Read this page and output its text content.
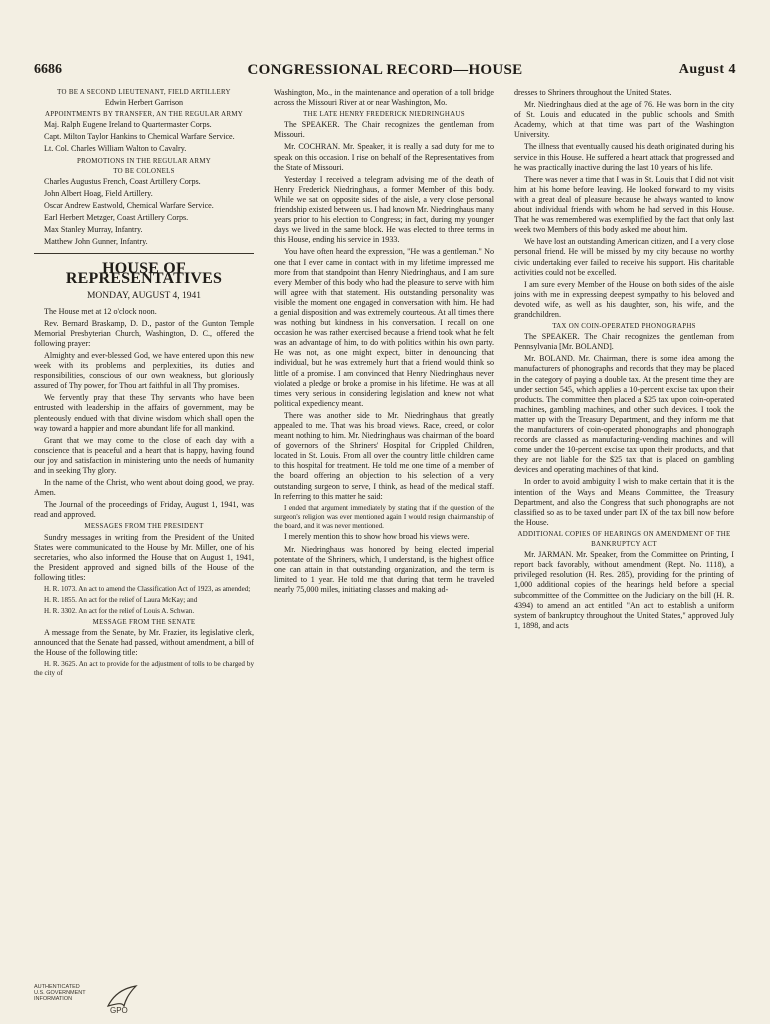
6686	CONGRESSIONAL RECORD—HOUSE	August 4
TO BE A SECOND LIEUTENANT, FIELD ARTILLERY

Edwin Herbert Garrison

APPOINTMENTS BY TRANSFER, AN THE REGULAR ARMY

Maj. Ralph Eugene Ireland to Quartermaster Corps.

Capt. Milton Taylor Hankins to Chemical Warfare Service.

Lt. Col. Charles William Walton to Cavalry.

PROMOTIONS IN THE REGULAR ARMY
TO BE COLONELS

Charles Augustus French, Coast Artillery Corps.

John Albert Hoag, Field Artillery.

Oscar Andrew Eastwold, Chemical Warfare Service.

Earl Herbert Metzger, Coast Artillery Corps.

Max Stanley Murray, Infantry.

Matthew John Gunner, Infantry.

HOUSE OF REPRESENTATIVES
MONDAY, AUGUST 4, 1941

The House met at 12 o'clock noon.

Rev. Bernard Braskamp, D. D., pastor of the Gunton Temple Memorial Presbyterian Church, Washington, D. C., offered the following prayer:

Almighty and ever-blessed God, we have entered upon this new week with its problems and perplexities, its duties and responsibilities, conscious of our own weakness, but gloriously assured of Thy power, for Thou art faithful in all Thy promises.

We fervently pray that these Thy servants who have been entrusted with leadership in the affairs of government, may be plenteously endued with that divine wisdom which shall open the way toward a happier and more abundant life for all mankind.

Grant that we may come to the close of each day with a conscience that is peaceful and a heart that is happy, having found our joy and satisfaction in ministering unto the needs of humanity and in seeking Thy glory.

In the name of the Christ, who went about doing good, we pray. Amen.

The Journal of the proceedings of Friday, August 1, 1941, was read and approved.

MESSAGES FROM THE PRESIDENT

Sundry messages in writing from the President of the United States were communicated to the House by Mr. Miller, one of his secretaries, who also informed the House that on August 1, 1941, the President approved and signed bills of the House of the following titles:

H. R. 1073. An act to amend the Classification Act of 1923, as amended;

H. R. 1855. An act for the relief of Laura McKay; and

H. R. 3302. An act for the relief of Louis A. Schwan.

MESSAGE FROM THE SENATE

A message from the Senate, by Mr. Frazier, its legislative clerk, announced that the Senate had passed, without amendment, a bill of the House of the following title:

H. R. 3625. An act to provide for the adjustment of tolls to be charged by the city of

Washington, Mo., in the maintenance and operation of a toll bridge across the Missouri River at or near Washington, Mo.

THE LATE HENRY FREDERICK NIEDRINGHAUS

The SPEAKER. The Chair recognizes the gentleman from Missouri.

Mr. COCHRAN. Mr. Speaker, it is really a sad duty for me to speak on this occasion. I rise on behalf of the Representatives from the State of Missouri.

Yesterday I received a telegram advising me of the death of Henry Frederick Niedringhaus, a former Member of this body. While we sat on opposite sides of the aisle, a very close personal friendship existed between us. I had known Mr. Niedringhaus many years prior to his election to Congress; in fact, during my younger days we lived in the same block. He was elected to three terms in this House, ending his service in 1933.

You have often heard the expression, "He was a gentleman." No one that I ever came in contact with in my lifetime impressed me more from that standpoint than Henry Niedringhaus, and I am sure every Member of this body who had the pleasure to serve with him will agree with that statement. His outstanding personality was visible the moment one engaged in conversation with him. He had a genial disposition and was extremely courteous. At all times there was nothing but kindness in his conversation. I recall on one occasion he was rather exercised because a friend took what he felt was an advantage of him, to do with politics within his own party. He was not, as one might expect, bitter in denouncing that individual, but he was extremely hurt that a friend would think so little of a promise. I am convinced that Henry Niedringhaus never violated a pledge or broke a promise in his lifetime. He was at all times very serious in considering legislation and knew not what political expediency meant.

There was another side to Mr. Niedringhaus that greatly appealed to me. That was his broad views. Race, creed, or color meant nothing to him. Mr. Niedringhaus was chairman of the board of governors of the Shriners' Hospital for Crippled Children, located in St. Louis. From all over the country little children came to this hospital for treatment. He told me one time of a member of the board offering an objection to his selection of a very outstanding surgeon to serve, I think, as head of the medical staff. In referring to this matter he said:

I ended that argument immediately by stating that if the question of the surgeon's religion was ever mentioned again I would resign chairmanship of the board, and it was never mentioned.

I merely mention this to show how broad his views were.

Mr. Niedringhaus was honored by being elected imperial potentate of the Shriners, which, I understand, is the highest office one can attain in that outstanding organization, and the term is limited to 1 year. He told me that during that term he traveled nearly 75,000 miles, initiating classes and making ad-

dresses to Shriners throughout the United States.

Mr. Niedringhaus died at the age of 76. He was born in the city of St. Louis and educated in the public schools and Smith Academy, which at that time was part of the Washington University.

The illness that eventually caused his death originated during his service in this House. He suffered a heart attack that progressed and he was practically inactive during the last 10 years of his life.

There was never a time that I was in St. Louis that I did not visit him at his home before leaving. He looked forward to my visits with a great deal of pleasure because he always wanted to know about individual friends with whom he had served in this House. That he was remembered was exemplified by the fact that only last week two Members of this body asked me about him.

We have lost an outstanding American citizen, and I a very close personal friend. He will be missed by my city because no worthy civic undertaking ever failed to receive his support. His charitable activities could not be excelled.

I am sure every Member of the House on both sides of the aisle joins with me in expressing deepest sympathy to his beloved and devoted wife, as well as his daughter, son, his wife, and the grandchildren.

TAX ON COIN-OPERATED PHONOGRAPHS

The SPEAKER. The Chair recognizes the gentleman from Pennsylvania [Mr. BOLAND].

Mr. BOLAND. Mr. Chairman, there is some idea among the manufacturers of phonographs and records that they may be placed in the category of paying a double tax. At the present time they are under section 545, which applies a 10-percent excise tax upon their products. The committee then placed a $25 tax upon coin-operated machines, gambling machines, and other such devices. I took the matter up with the Treasury Department, and they inform me that the manufacturers of coin-operated phonographs and phonograph records are classed as manufacturing-vending machines and will come under the 10-percent excise tax upon their products, and that they are not liable for the $25 tax that is placed on gambling devices and operating machines of that kind.

In order to avoid ambiguity I wish to make certain that it is the intention of the Ways and Means Committee, the Treasury Department, and also the Congress that such phonographs are not classified so as to be taxed under part IX of the tax bill now before the House.

ADDITIONAL COPIES OF HEARINGS ON AMENDMENT OF THE BANKRUPTCY ACT

Mr. JARMAN. Mr. Speaker, from the Committee on Printing, I report back favorably, without amendment (Rept. No. 1118), a privileged resolution (H. Res. 285), providing for the printing of 1,000 additional copies of the hearings held before a special subcommittee of the Committee on the Judiciary on the bill (H. R. 4394) to amend an act entitled "An act to establish a uniform system of bankruptcy throughout the United States," approved July 1, 1898, and acts

AUTHENTICATED
U.S. GOVERNMENT
INFORMATION
GPO
